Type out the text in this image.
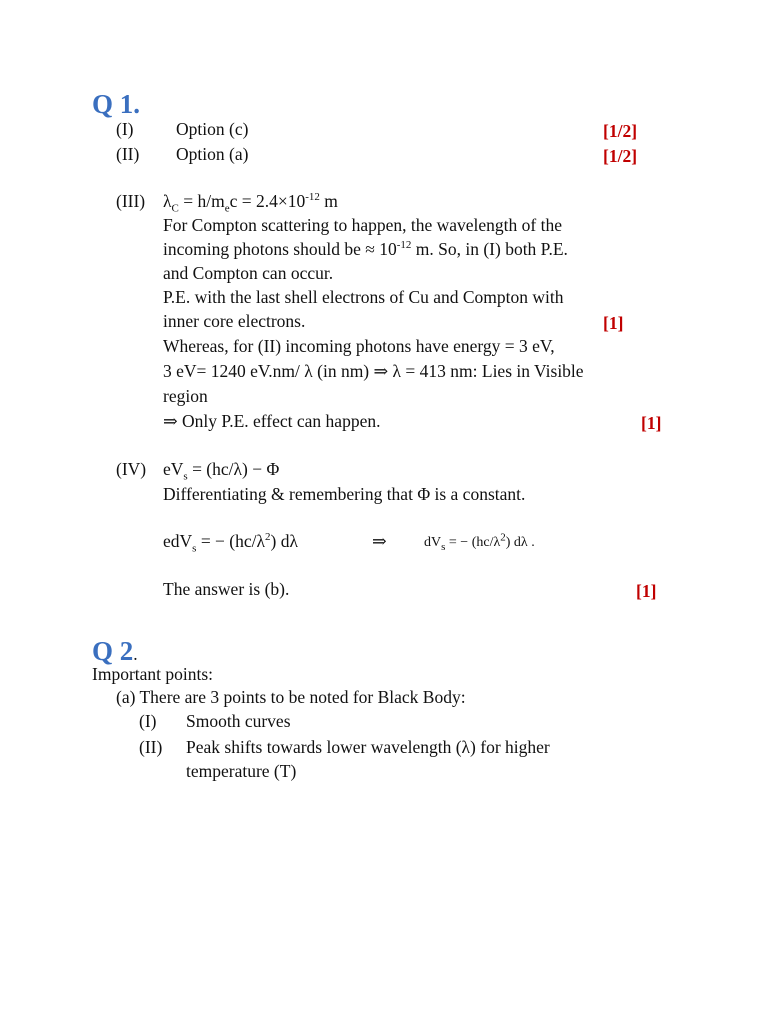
Q 1.
(I) Option (c)	[1/2]
(II) Option (a)	[1/2]
(III) $\lambda_C = h/m_ec = 2.4\times 10^{-12}$ m
For Compton scattering to happen, the wavelength of the
incoming photons should be ≈ $10^{-12}$ m. So, in (I) both P.E.
and Compton can occur.
P.E. with the last shell electrons of Cu and Compton with
inner core electrons.	[1]
Whereas, for (II) incoming photons have energy = 3 eV,
3 eV= 1240 eV.nm/ λ (in nm) ⇒ λ = 413 nm: Lies in Visible
region
⇒ Only P.E. effect can happen.	[1]
(IV) $eV_s = (hc/\lambda) - \Phi$
Differentiating & remembering that Φ is a constant.
edV$_s$ = − $(hc/\lambda^2)$ dλ	⇒	$dV_s$ = − $(hc/\lambda^2)$ dλ .
The answer is (b).	[1]
Q 2.
Important points:
(a) There are 3 points to be noted for Black Body:
(I) Smooth curves
(II) Peak shifts towards lower wavelength (λ) for higher
temperature (T)
